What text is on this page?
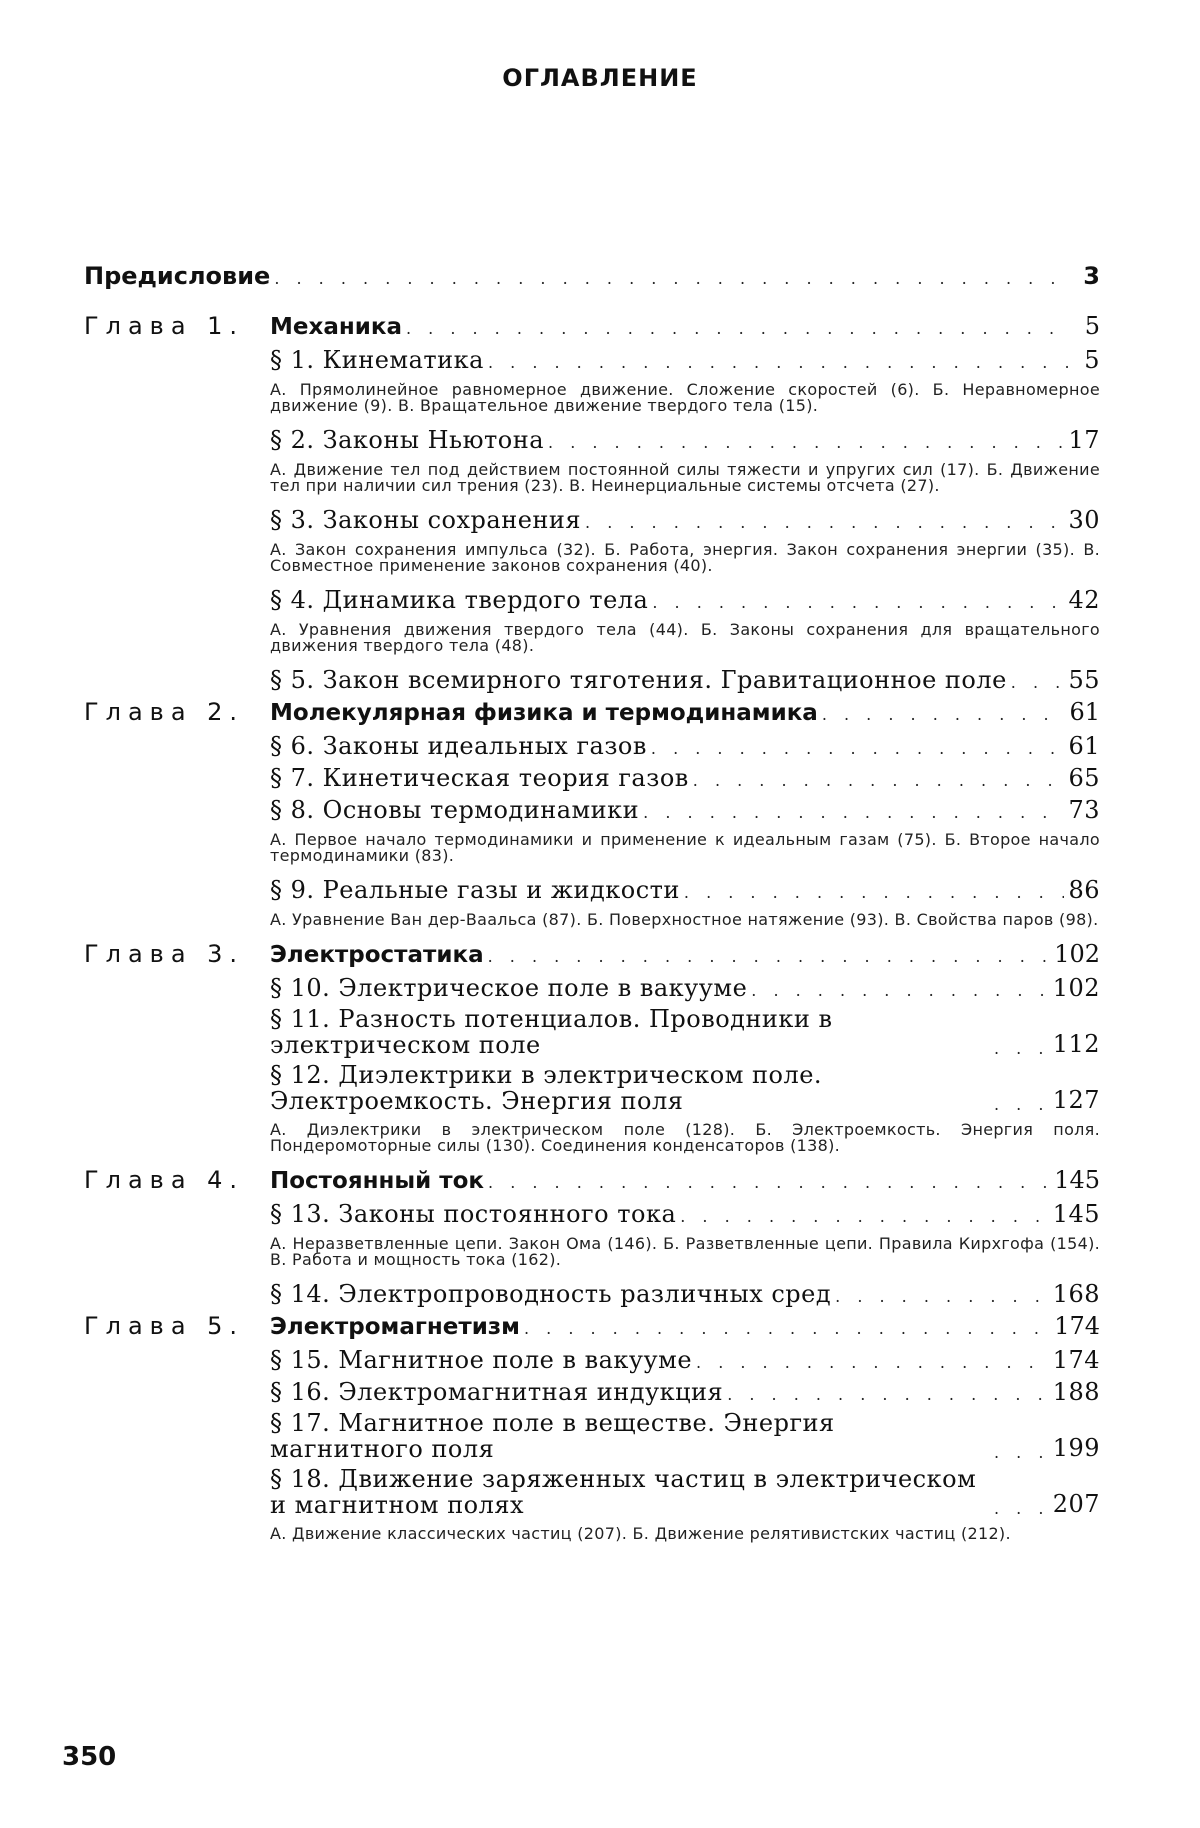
ОГЛАВЛЕНИЕ
Предисловие . . .	3
Глава 1.	Механика . . .	5
§ 1. Кинематика . . .	5
А. Прямолинейное равномерное движение. Сложение скоростей (6). Б. Неравномерное движение (9). В. Вращательное движение твердого тела (15).
§ 2. Законы Ньютона . . .	17
А. Движение тел под действием постоянной силы тяжести и упругих сил (17). Б. Движение тел при наличии сил трения (23). В. Неинерциальные системы отсчета (27).
§ 3. Законы сохранения . . .	30
А. Закон сохранения импульса (32). Б. Работа, энергия. Закон сохранения энергии (35). В. Совместное применение законов сохранения (40).
§ 4. Динамика твердого тела . . .	42
А. Уравнения движения твердого тела (44). Б. Законы сохранения для вращательного движения твердого тела (48).
§ 5. Закон всемирного тяготения. Гравитационное поле . . .	55
Глава 2.	Молекулярная физика и термодинамика . . .	61
§ 6. Законы идеальных газов . . .	61
§ 7. Кинетическая теория газов . . .	65
§ 8. Основы термодинамики . . .	73
А. Первое начало термодинамики и применение к идеальным газам (75). Б. Второе начало термодинамики (83).
§ 9. Реальные газы и жидкости . . .	86
А. Уравнение Ван дер-Ваальса (87). Б. Поверхностное натяжение (93). В. Свойства паров (98).
Глава 3.	Электростатика . . .	102
§ 10. Электрическое поле в вакууме . . .	102
§ 11. Разность потенциалов. Проводники в электрическом поле . . .	112
§ 12. Диэлектрики в электрическом поле. Электроемкость. Энергия поля . . .	127
А. Диэлектрики в электрическом поле (128). Б. Электроемкость. Энергия поля. Пондеромоторные силы (130). Соединения конденсаторов (138).
Глава 4.	Постоянный ток . . .	145
§ 13. Законы постоянного тока . . .	145
А. Неразветвленные цепи. Закон Ома (146). Б. Разветвленные цепи. Правила Кирхгофа (154). В. Работа и мощность тока (162).
§ 14. Электропроводность различных сред . . .	168
Глава 5.	Электромагнетизм . . .	174
§ 15. Магнитное поле в вакууме . . .	174
§ 16. Электромагнитная индукция . . .	188
§ 17. Магнитное поле в веществе. Энергия магнитного поля . . .	199
§ 18. Движение заряженных частиц в электрическом и магнитном полях . . .	207
А. Движение классических частиц (207). Б. Движение релятивистских частиц (212).
350
